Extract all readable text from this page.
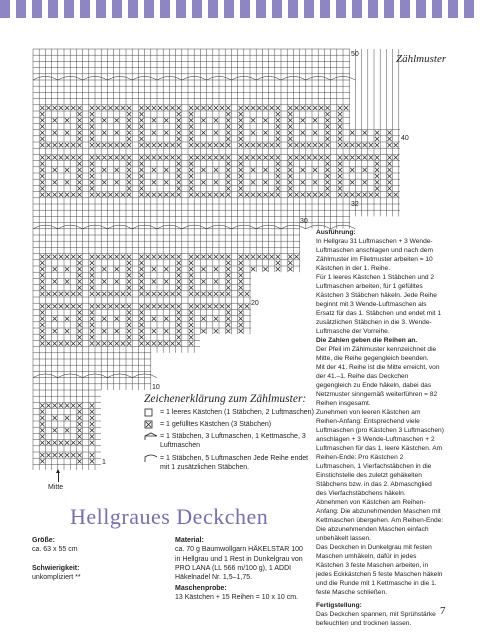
Zählmuster
50
40
32
30
20
10
1
Mitte
Zeichenerklärung zum Zählmuster:
= 1 leeres Kästchen (1 Stäbchen, 2 Luftmaschen)
= 1 gefülltes Kästchen (3 Stäbchen)
= 1 Stäbchen, 3 Luftmaschen, 1 Kettmasche, 3 Luftmaschen
= 1 Stäbchen, 5 Luftmaschen Jede Reihe endet mit 1 zusätzlichen Stäbchen.
Hellgraues Deckchen
Größe:
ca. 63 x 55 cm
Schwierigkeit:
unkompliziert **
Material:
ca. 70 g Baumwollgarn HÄKELSTAR 100 in Hellgrau und 1 Rest in Dunkelgrau von PRO LANA (LL 566 m/100 g), 1 ADDI Häkelnadel Nr. 1,5–1,75.
Maschenprobe:
13 Kästchen + 15 Reihen = 10 x 10 cm.

Ausführung:

In Hellgrau 31 Luftmaschen + 3 Wende-Luftmaschen anschlagen und nach dem Zählmuster im Filetmuster arbeiten = 10 Kästchen in der 1. Reihe.

Für 1 leeres Kästchen 1 Stäbchen und 2 Luftmaschen arbeiten, für 1 gefülltes Kästchen 3 Stäbchen häkeln. Jede Reihe beginnt mit 3 Wende-Luftmaschen als Ersatz für das 1. Stäbchen und endet mit 1 zusätzlichen Stäbchen in die 3. Wende-Luftmasche der Vorreihe.

Die Zahlen geben die Reihen an.

Der Pfeil im Zählmuster kennzeichnet die Mitte, die Reihe gegengleich beenden.

Mit der 41. Reihe ist die Mitte erreicht, von der 41.–1. Reihe das Deckchen gegengleich zu Ende häkeln, dabei das Netzmuster sinngemäß weiterführen = 82 Reihen insgesamt.

Zunehmen von leeren Kästchen am Reihen-Anfang: Entsprechend viele Luftmaschen (pro Kästchen 3 Luftmaschen) anschlagen + 3 Wende-Luftmaschen + 2 Luftmaschen für das 1. leere Kästchen. Am Reihen-Ende: Pro Kästchen 2 Luftmaschen, 1 Vierfachstäbchen in die Einstichstelle des zuletzt gehäkelten Stäbchens bzw. in das 2. Abmaschglied des Vierfachstäbchens häkeln.

Abnehmen von Kästchen am Reihen-Anfang: Die abzunehmenden Maschen mit Kettmaschen übergehen. Am Reihen-Ende: Die abzunehmenden Maschen einfach unbehäkelt lassen.

Das Deckchen in Dunkelgrau mit festen Maschen umhäkeln, dafür in jedes Kästchen 3 feste Maschen arbeiten, in jedes Eckkästchen 5 feste Maschen häkeln und die Runde mit 1 Kettmasche in die 1. feste Masche schließen.

Fertigstellung:

Das Deckchen spannen, mit Sprühstärke befeuchten und trocknen lassen.

7
